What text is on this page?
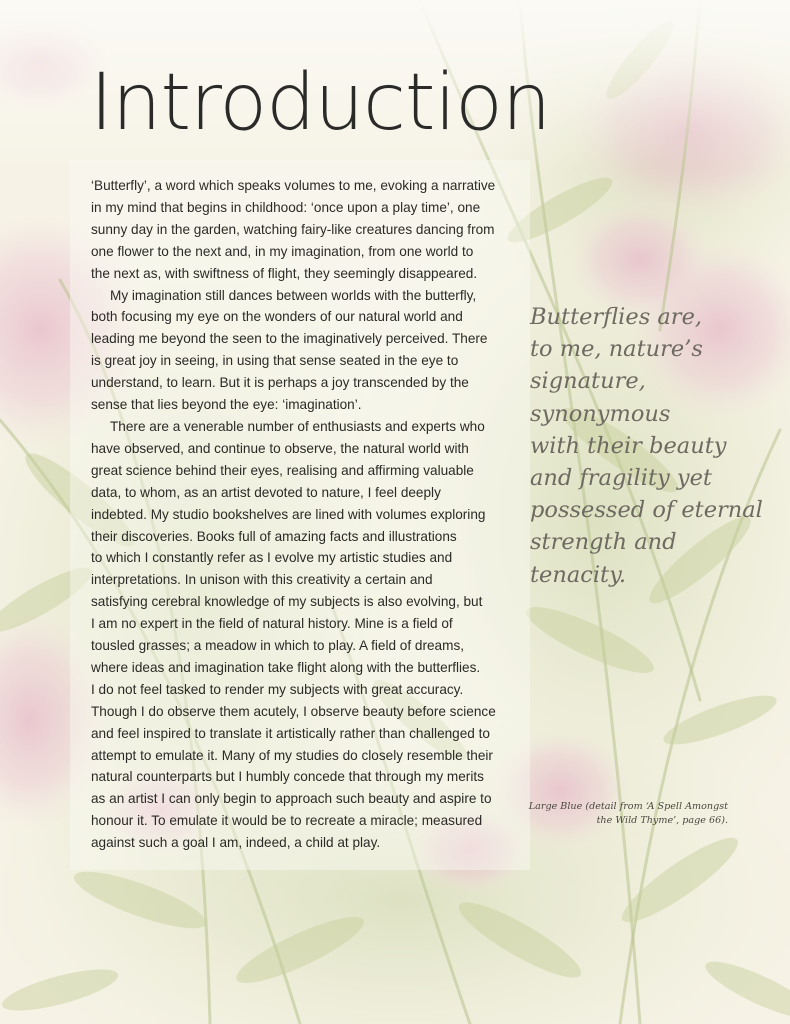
Introduction
‘Butterfly’, a word which speaks volumes to me, evoking a narrative
in my mind that begins in childhood: ‘once upon a play time’, one
sunny day in the garden, watching fairy-like creatures dancing from
one flower to the next and, in my imagination, from one world to
the next as, with swiftness of flight, they seemingly disappeared.
My imagination still dances between worlds with the butterfly,
both focusing my eye on the wonders of our natural world and
leading me beyond the seen to the imaginatively perceived. There
is great joy in seeing, in using that sense seated in the eye to
understand, to learn. But it is perhaps a joy transcended by the
sense that lies beyond the eye: ‘imagination’.
There are a venerable number of enthusiasts and experts who
have observed, and continue to observe, the natural world with
great science behind their eyes, realising and affirming valuable
data, to whom, as an artist devoted to nature, I feel deeply
indebted. My studio bookshelves are lined with volumes exploring
their discoveries. Books full of amazing facts and illustrations
to which I constantly refer as I evolve my artistic studies and
interpretations. In unison with this creativity a certain and
satisfying cerebral knowledge of my subjects is also evolving, but
I am no expert in the field of natural history. Mine is a field of
tousled grasses; a meadow in which to play. A field of dreams,
where ideas and imagination take flight along with the butterflies.
I do not feel tasked to render my subjects with great accuracy.
Though I do observe them acutely, I observe beauty before science
and feel inspired to translate it artistically rather than challenged to
attempt to emulate it. Many of my studies do closely resemble their
natural counterparts but I humbly concede that through my merits
as an artist I can only begin to approach such beauty and aspire to
honour it. To emulate it would be to recreate a miracle; measured
against such a goal I am, indeed, a child at play.
Butterflies are,
to me, nature’s
signature,
synonymous
with their beauty
and fragility yet
possessed of eternal
strength and
tenacity.
Large Blue (detail from ‘A Spell Amongst
the Wild Thyme’, page 66).
